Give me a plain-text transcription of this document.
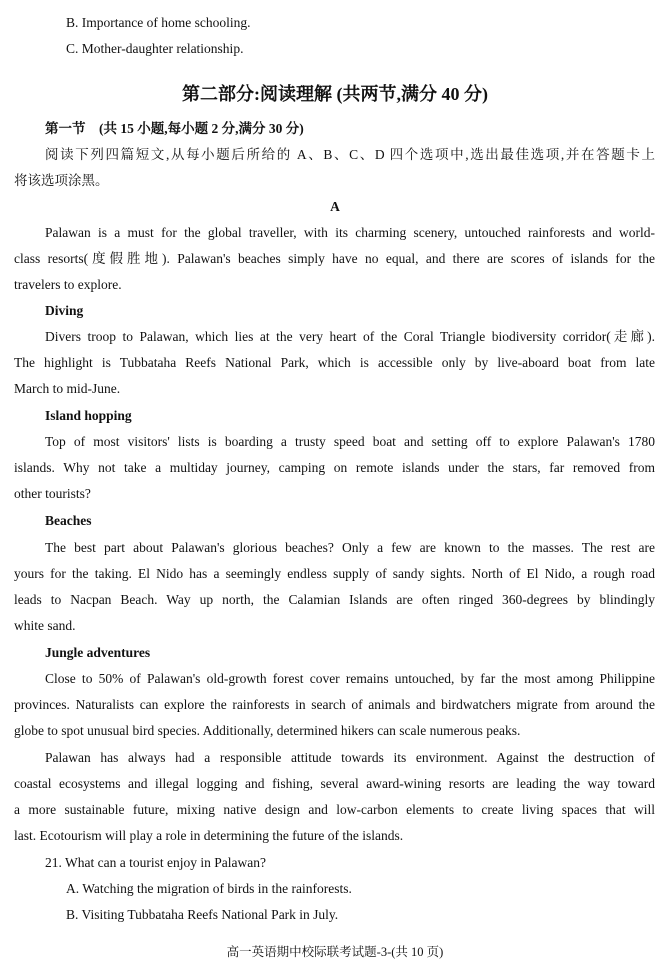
B. Importance of home schooling.
C. Mother-daughter relationship.
第二部分:阅读理解 (共两节,满分 40 分)
第一节　(共 15 小题,每小题 2 分,满分 30 分)
阅读下列四篇短文,从每小题后所给的 A、B、C、D 四个选项中,选出最佳选项,并在答题卡上
将该选项涂黑。
A
Palawan is a must for the global traveller, with its charming scenery, untouched rainforests and world-
class resorts(度假胜地). Palawan's beaches simply have no equal, and there are scores of islands for the
travelers to explore.
Diving
Divers troop to Palawan, which lies at the very heart of the Coral Triangle biodiversity corridor(走廊).
The highlight is Tubbataha Reefs National Park, which is accessible only by live-aboard boat from late
March to mid-June.
Island hopping
Top of most visitors' lists is boarding a trusty speed boat and setting off to explore Palawan's 1780
islands. Why not take a multiday journey, camping on remote islands under the stars, far removed from
other tourists?
Beaches
The best part about Palawan's glorious beaches? Only a few are known to the masses. The rest are
yours for the taking. El Nido has a seemingly endless supply of sandy sights. North of El Nido, a rough road
leads to Nacpan Beach. Way up north, the Calamian Islands are often ringed 360-degrees by blindingly
white sand.
Jungle adventures
Close to 50% of Palawan's old-growth forest cover remains untouched, by far the most among Philippine
provinces. Naturalists can explore the rainforests in search of animals and birdwatchers migrate from around the
globe to spot unusual bird species. Additionally, determined hikers can scale numerous peaks.
Palawan has always had a responsible attitude towards its environment. Against the destruction of
coastal ecosystems and illegal logging and fishing, several award-wining resorts are leading the way toward
a more sustainable future, mixing native design and low-carbon elements to create living spaces that will
last. Ecotourism will play a role in determining the future of the islands.
21. What can a tourist enjoy in Palawan?
A. Watching the migration of birds in the rainforests.
B. Visiting Tubbataha Reefs National Park in July.
高一英语期中校际联考试题-3-(共 10 页)
